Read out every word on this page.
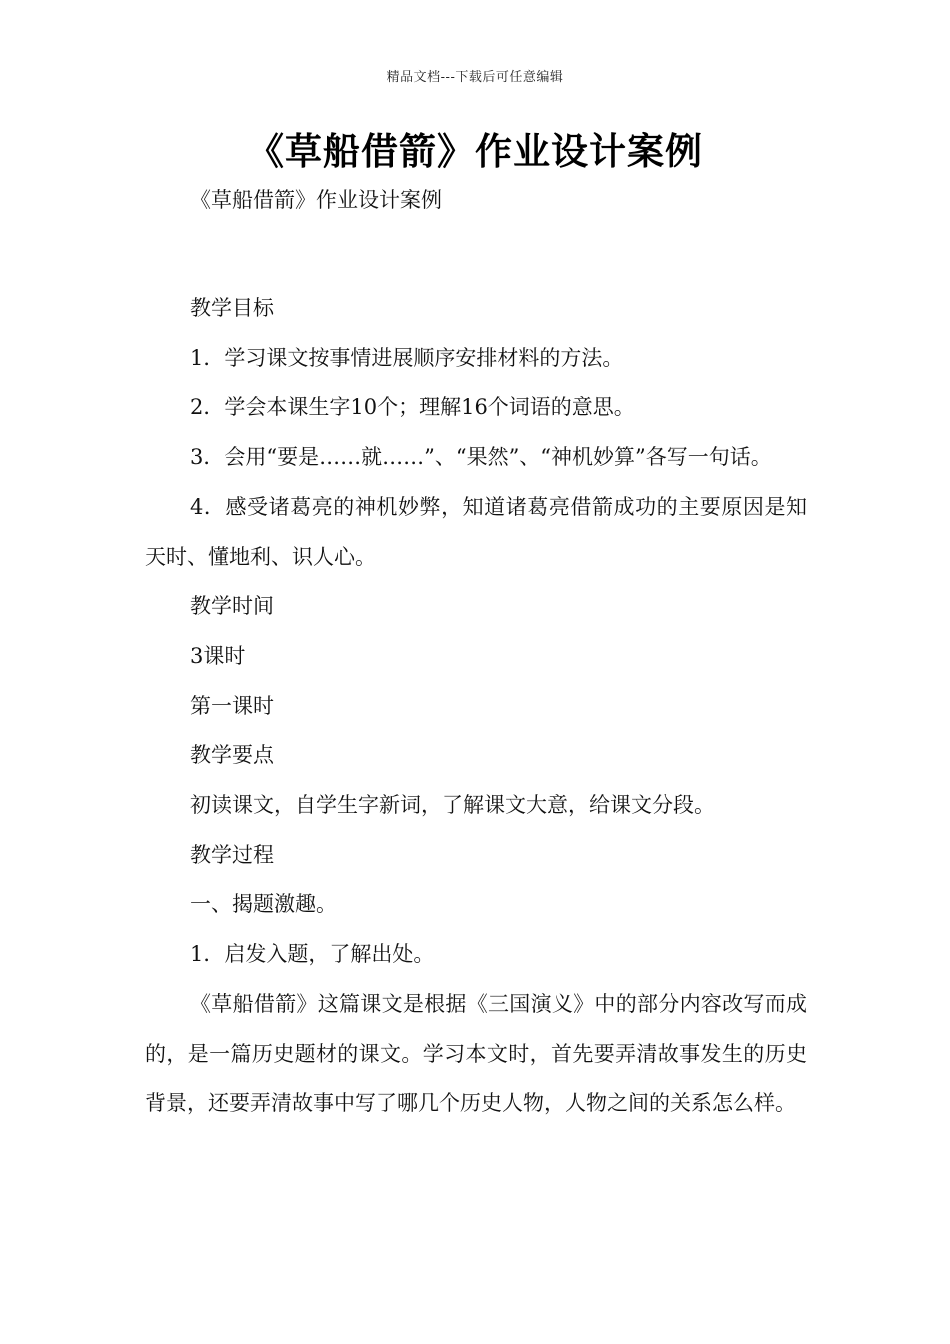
精品文档---下载后可任意编辑
《草船借箭》作业设计案例
《草船借箭》作业设计案例

教学目标

1．学习课文按事情进展顺序安排材料的方法。

2．学会本课生字10个；理解16个词语的意思。

3．会用“要是……就……”、“果然”、“神机妙算”各写一句话。

4．感受诸葛亮的神机妙弊，知道诸葛亮借箭成功的主要原因是知天时、懂地利、识人心。

教学时间

3课时

第一课时

教学要点

初读课文，自学生字新词，了解课文大意，给课文分段。

教学过程

一、揭题激趣。

1．启发入题，了解出处。

《草船借箭》这篇课文是根据《三国演义》中的部分内容改写而成的，是一篇历史题材的课文。学习本文时，首先要弄清故事发生的历史背景，还要弄清故事中写了哪几个历史人物，人物之间的关系怎么样。
